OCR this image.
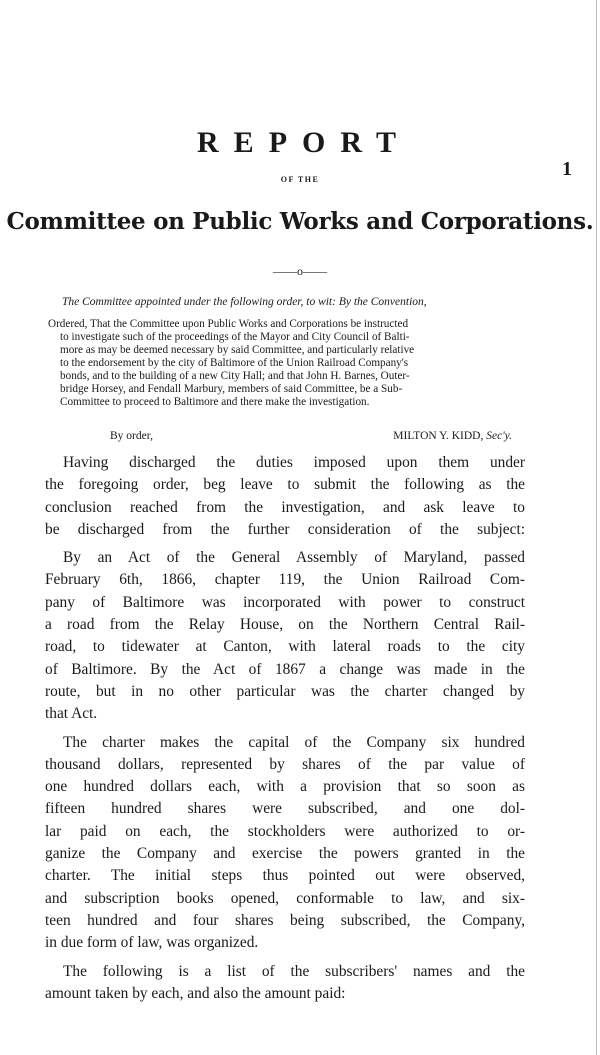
1
REPORT
OF THE
Committee on Public Works and Corporations.
——o——
The Committee appointed under the following order, to wit: By the Convention,
Ordered, That the Committee upon Public Works and Corporations be instructed
to investigate such of the proceedings of the Mayor and City Council of Balti-
more as may be deemed necessary by said Committee, and particularly relative
to the endorsement by the city of Baltimore of the Union Railroad Company's
bonds, and to the building of a new City Hall; and that John H. Barnes, Outer-
bridge Horsey, and Fendall Marbury, members of said Committee, be a Sub-
Committee to proceed to Baltimore and there make the investigation.
By order,	MILTON Y. KIDD, Sec'y.
Having discharged the duties imposed upon them under
the foregoing order, beg leave to submit the following as the
conclusion reached from the investigation, and ask leave to
be discharged from the further consideration of the subject:
By an Act of the General Assembly of Maryland, passed
February 6th, 1866, chapter 119, the Union Railroad Com-
pany of Baltimore was incorporated with power to construct
a road from the Relay House, on the Northern Central Rail-
road, to tidewater at Canton, with lateral roads to the city
of Baltimore. By the Act of 1867 a change was made in the
route, but in no other particular was the charter changed by
that Act.
The charter makes the capital of the Company six hundred
thousand dollars, represented by shares of the par value of
one hundred dollars each, with a provision that so soon as
fifteen hundred shares were subscribed, and one dol-
lar paid on each, the stockholders were authorized to or-
ganize the Company and exercise the powers granted in the
charter. The initial steps thus pointed out were observed,
and subscription books opened, conformable to law, and six-
teen hundred and four shares being subscribed, the Company,
in due form of law, was organized.
The following is a list of the subscribers' names and the
amount taken by each, and also the amount paid:
